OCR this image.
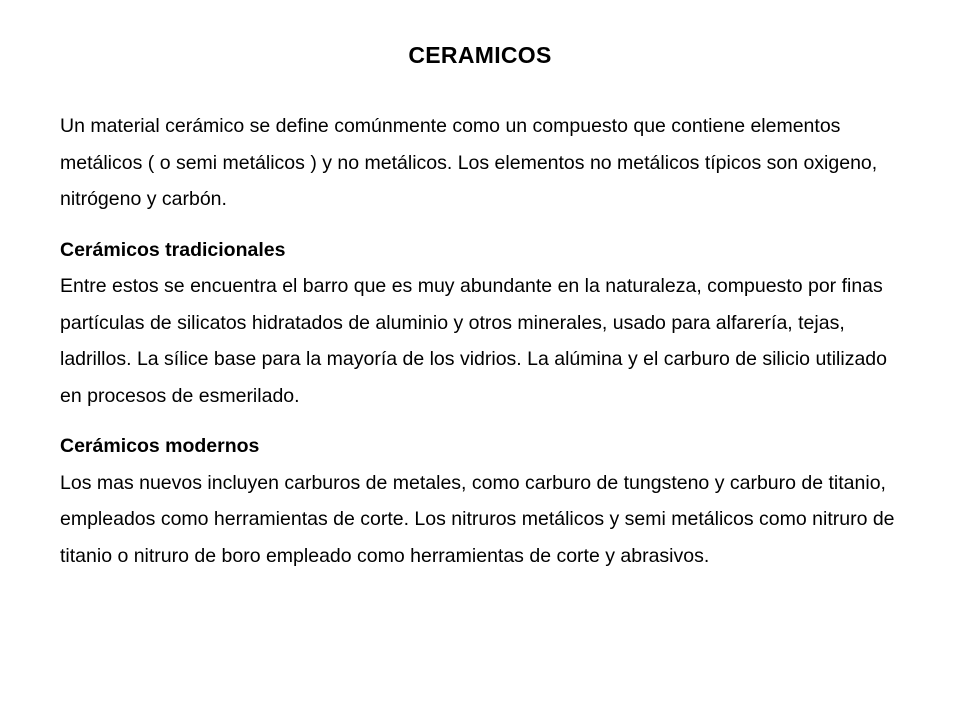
CERAMICOS

Un material cerámico se define comúnmente como un compuesto que contiene elementos metálicos ( o semi metálicos ) y no metálicos. Los elementos no metálicos típicos son oxigeno, nitrógeno y carbón.

Cerámicos tradicionales

Entre estos se encuentra el barro que es muy abundante en la naturaleza, compuesto por finas partículas de silicatos hidratados de aluminio y otros minerales, usado para alfarería, tejas, ladrillos. La sílice base para la mayoría de los vidrios. La alúmina y el carburo de silicio utilizado en procesos de esmerilado.

Cerámicos modernos

Los mas nuevos incluyen carburos de metales, como carburo de tungsteno y carburo de titanio, empleados como herramientas de corte. Los nitruros metálicos y semi metálicos como nitruro de titanio o nitruro de boro empleado como herramientas de corte y abrasivos.
